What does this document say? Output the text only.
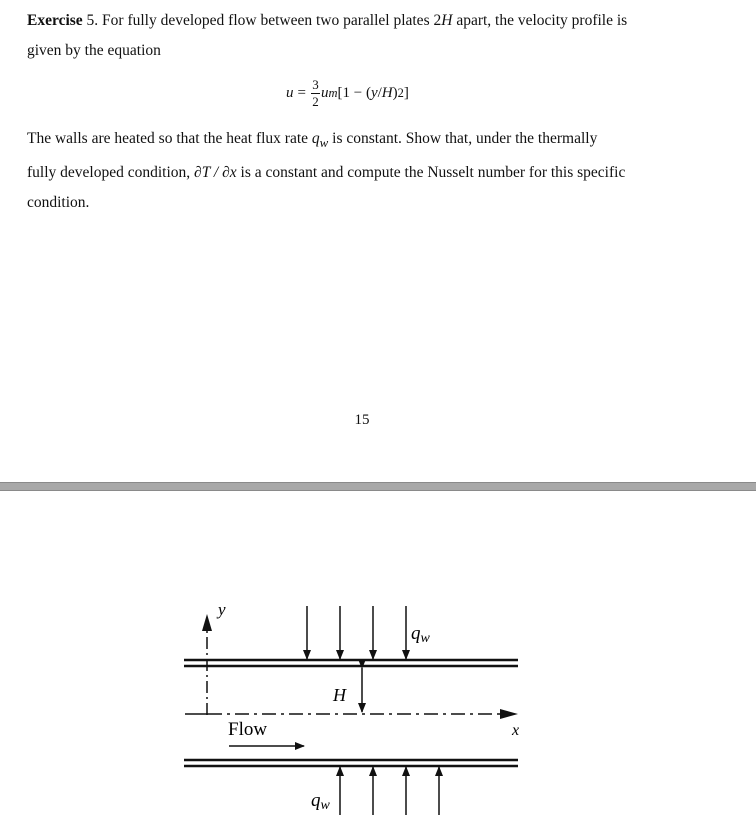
Exercise 5. For fully developed flow between two parallel plates 2H apart, the velocity profile is
given by the equation

$u = \frac{3}{2}$ u m [1 − ( y / H ) 2 ]

The walls are heated so that the heat flux rate $q_w$ is constant. Show that, under the thermally
fully developed condition, ∂T / ∂x is a constant and compute the Nusselt number for this specific
condition.

15
y
x
H
Flow
qw
qw
